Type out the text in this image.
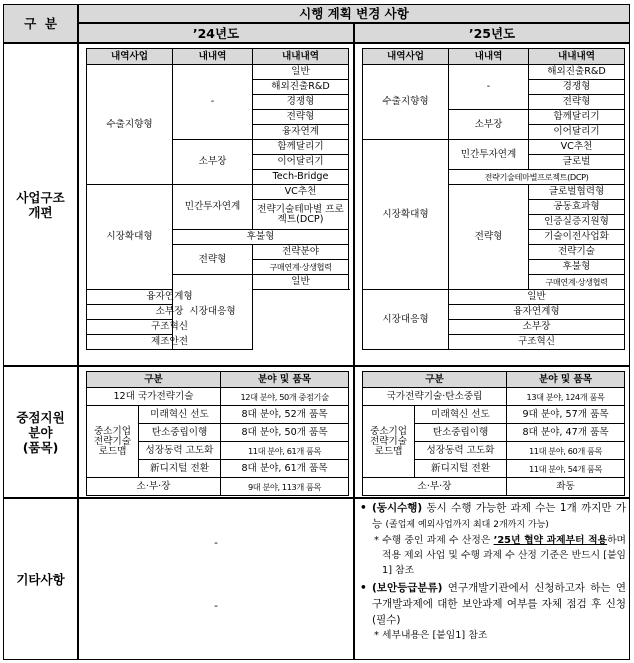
구  분
시행 계획 변경 사항
’24년도	’25년도
사업구조
개편
중점지원
분야
(품목)
기타사항
내역사업	내내역	내내내역
수출지향형	-	일반
		해외진출R&D
		경쟁형
		전략형
		융자연계
	소부장	함께달리기
		이어달리기
		Tech-Bridge
시장확대형	민간투자연계	VC추천
		전략기술테마별 프로젝트(DCP)
	후불형	
	전략형	전략분야
		구매연계·상생협력
	시장대응형	일반
융자연계형		
소부장		
구조혁신		
제조안전		
내역사업	내내역	내내내역
수출지향형	-	해외진출R&D
		경쟁형
		전략형
	소부장	함께달리기
		이어달리기
시장확대형	민간투자연계	VC추천
		글로벌
	전략기술테마별프로젝트(DCP)	
	전략형	글로벌협력형
		공동효과형
		인증실증지원형
		기술이전사업화
		전략기술
		후불형
		구매연계·상생협력
시장대응형	일반	
	융자연계형	
	소부장	
	구조혁신	
구분		분야 및 품목
12대 국가전략기술		12대 분야, 50개 중점기술
중소기업 전략기술 로드맵	미래혁신 선도	8대 분야, 52개 품목
	탄소중립이행	8대 분야, 50개 품목
	성장동력 고도화	11대 분야, 61개 품목
	新디지털 전환	8대 분야, 61개 품목
소·부·장		9대 분야, 113개 품목
구분		분야 및 품목
국가전략기술·탄소중립		13대 분야, 124개 품목
중소기업 전략기술 로드맵	미래혁신 선도	9대 분야, 57개 품목
	탄소중립이행	8대 분야, 47개 품목
	성장동력 고도화	11대 분야, 60개 품목
	新디지털 전환	11대 분야, 54개 품목
소·부·장		좌동
-
-
• (동시수행) 동시 수행 가능한 과제 수는 1개 까지만 가능 (졸업제 예외사업까지 최대 2개까지 가능)
* 수행 중인 과제 수 산정은 ’25년 협약 과제부터 적용하며 적용 제외 사업 및 수행 과제 수 산정 기준은 반드시 [붙임1] 참조
• (보안등급분류) 연구개발기관에서 신청하고자 하는 연구개발과제에 대한 보안과제 여부를 자체 점검 후 신청(필수)
* 세부내용은 [붙임1] 참조
